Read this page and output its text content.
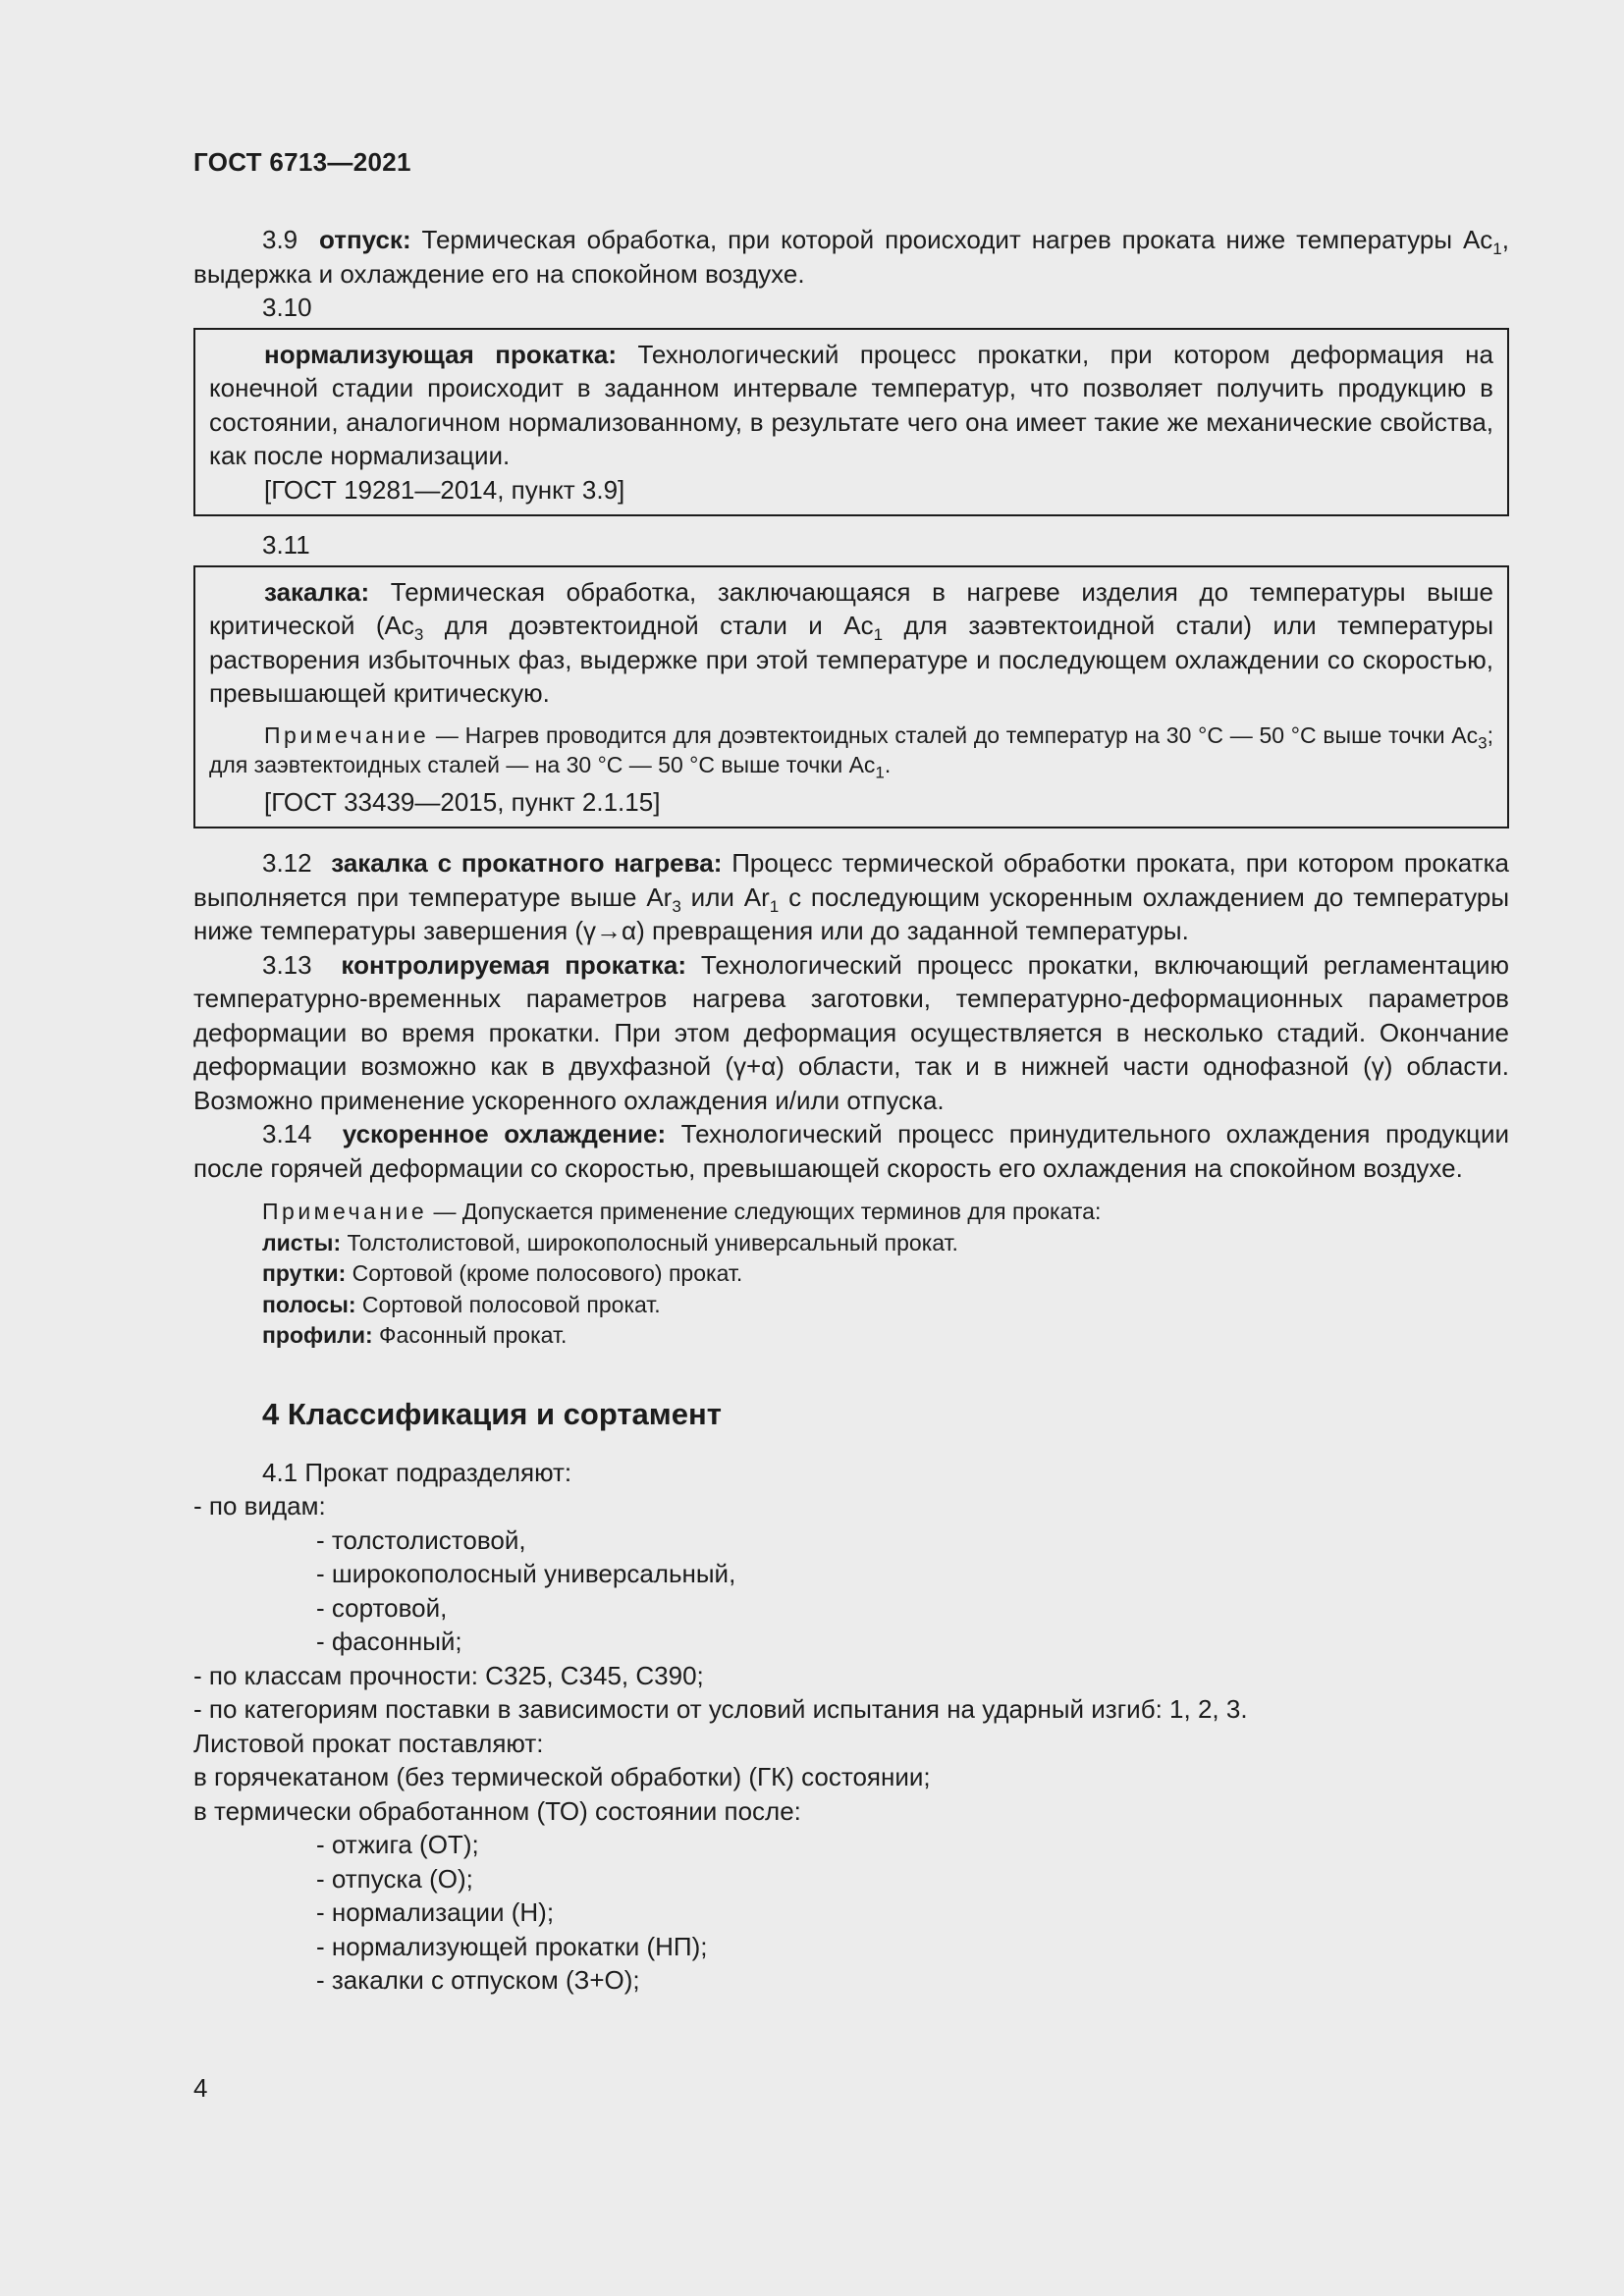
ГОСТ 6713—2021

3.9 отпуск: Термическая обработка, при которой происходит нагрев проката ниже температуры $Ac_1$, выдержка и охлаждение его на спокойном воздухе.

3.10

нормализующая прокатка: Технологический процесс прокатки, при котором деформация на конечной стадии происходит в заданном интервале температур, что позволяет получить продукцию в состоянии, аналогичном нормализованному, в результате чего она имеет такие же механические свойства, как после нормализации.

[ГОСТ 19281—2014, пункт 3.9]

3.11

закалка: Термическая обработка, заключающаяся в нагреве изделия до температуры выше критической ($Ac_3$ для доэвтектоидной стали и $Ac_1$ для заэвтектоидной стали) или температуры растворения избыточных фаз, выдержке при этой температуре и последующем охлаждении со скоростью, превышающей критическую.

Примечание — Нагрев проводится для доэвтектоидных сталей до температур на 30 °С — 50 °С выше точки $Ac_3$; для заэвтектоидных сталей — на 30 °С — 50 °С выше точки $Ac_1$.

[ГОСТ 33439—2015, пункт 2.1.15]

3.12 закалка с прокатного нагрева: Процесс термической обработки проката, при котором прокатка выполняется при температуре выше $Ar_3$ или $Ar_1$ с последующим ускоренным охлаждением до температуры ниже температуры завершения (γ→α) превращения или до заданной температуры.

3.13 контролируемая прокатка: Технологический процесс прокатки, включающий регламентацию температурно-временных параметров нагрева заготовки, температурно-деформационных параметров деформации во время прокатки. При этом деформация осуществляется в несколько стадий. Окончание деформации возможно как в двухфазной (γ+α) области, так и в нижней части однофазной (γ) области. Возможно применение ускоренного охлаждения и/или отпуска.

3.14 ускоренное охлаждение: Технологический процесс принудительного охлаждения продукции после горячей деформации со скоростью, превышающей скорость его охлаждения на спокойном воздухе.

Примечание — Допускается применение следующих терминов для проката:
листы: Толстолистовой, широкополосный универсальный прокат.
прутки: Сортовой (кроме полосового) прокат.
полосы: Сортовой полосовой прокат.
профили: Фасонный прокат.
4 Классификация и сортамент

4.1 Прокат подразделяют:

- по видам:

- толстолистовой,

- широкополосный универсальный,

- сортовой,

- фасонный;

- по классам прочности: С325, С345, С390;

- по категориям поставки в зависимости от условий испытания на ударный изгиб: 1, 2, 3.

Листовой прокат поставляют:

в горячекатаном (без термической обработки) (ГК) состоянии;

в термически обработанном (ТО) состоянии после:

- отжига (ОТ);

- отпуска (О);

- нормализации (Н);

- нормализующей прокатки (НП);

- закалки с отпуском (З+О);

4
